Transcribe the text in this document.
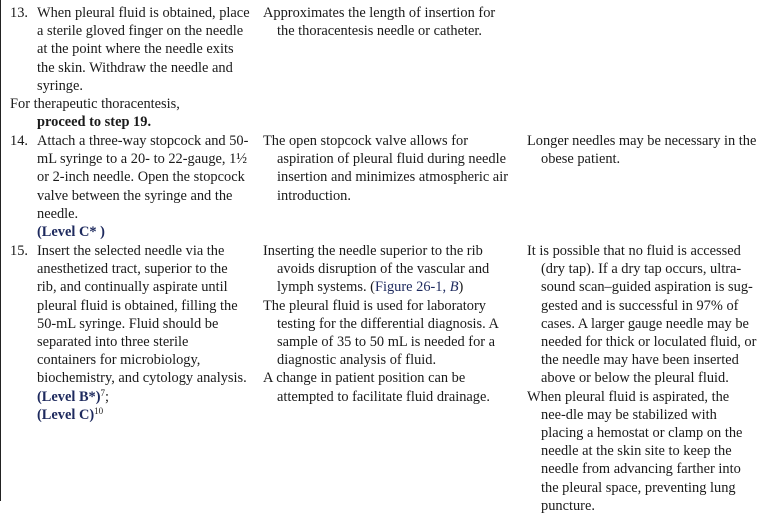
13. When pleural fluid is obtained, place a sterile gloved finger on the needle at the point where the needle exits the skin. Withdraw the needle and syringe.

For therapeutic thoracentesis,
proceed to step 19.

14. Attach a three-way stopcock and 50-mL syringe to a 20- to 22-gauge, 1½ or 2-inch needle. Open the stopcock valve between the syringe and the needle.

(Level C* )

15. Insert the selected needle via the anesthetized tract, superior to the rib, and continually aspirate until pleural fluid is obtained, filling the 50-mL syringe. Fluid should be separated into three sterile containers for microbiology, biochemistry, and cytology analysis. (Level B*)$^7$;
(Level C)$^{10}$

Approximates the length of insertion for the thoracentesis needle or catheter.

The open stopcock valve allows for aspiration of pleural fluid during needle insertion and minimizes atmospheric air introduction.

Inserting the needle superior to the rib avoids disruption of the vascular and lymph systems. (Figure 26-1, B)

The pleural fluid is used for laboratory testing for the differential diagnosis. A sample of 35 to 50 mL is needed for a diagnostic analysis of fluid.

A change in patient position can be attempted to facilitate fluid drainage.

Longer needles may be necessary in the obese patient.

It is possible that no fluid is accessed (dry tap). If a dry tap occurs, ultra-sound scan–guided aspiration is sug-gested and is successful in 97% of cases. A larger gauge needle may be needed for thick or loculated fluid, or the needle may have been inserted above or below the pleural fluid.

When pleural fluid is aspirated, the nee-dle may be stabilized with placing a hemostat or clamp on the needle at the skin site to keep the needle from advancing farther into the pleural space, preventing lung puncture.
